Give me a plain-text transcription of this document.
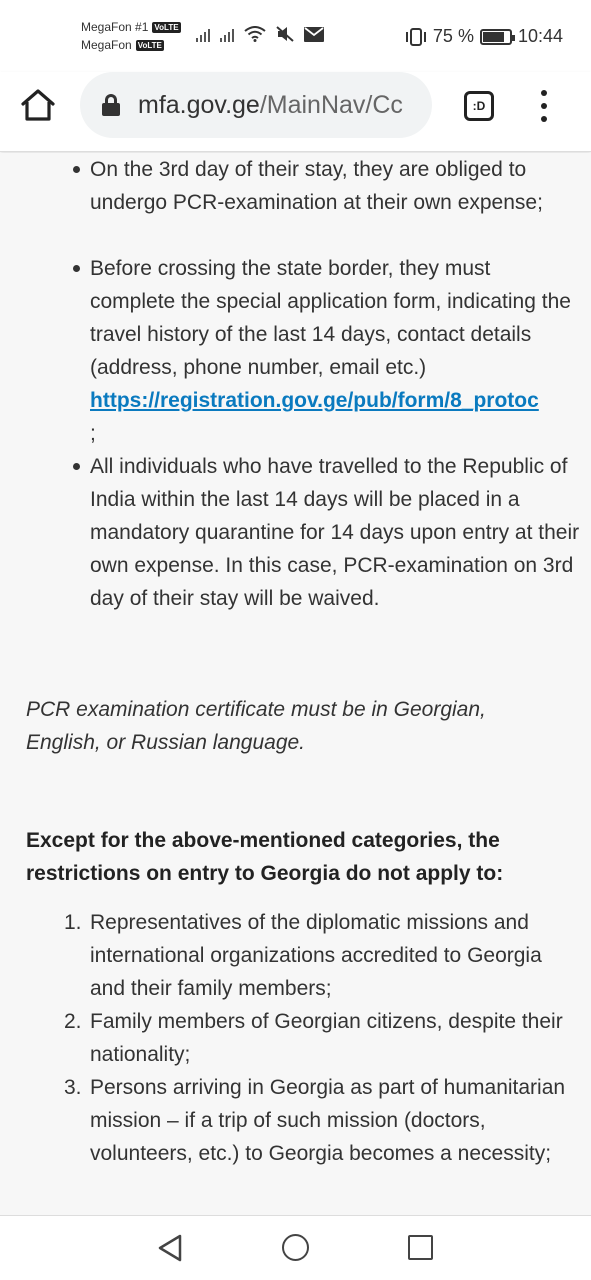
MegaFon #1 VoLTE
MegaFon VoLTE	75 % 10:44
mfa.gov.ge/MainNav/Cc	:D
On the 3rd day of their stay, they are obliged to undergo PCR-examination at their own expense;
Before crossing the state border, they must complete the special application form, indicating the travel history of the last 14 days, contact details (address, phone number, email etc.) https://registration.gov.ge/pub/form/8_protoc
;
All individuals who have travelled to the Republic of India within the last 14 days will be placed in a mandatory quarantine for 14 days upon entry at their own expense. In this case, PCR-examination on 3rd day of their stay will be waived.
PCR examination certificate must be in Georgian, English, or Russian language.
Except for the above-mentioned categories, the restrictions on entry to Georgia do not apply to:
1. Representatives of the diplomatic missions and international organizations accredited to Georgia and their family members;
2. Family members of Georgian citizens, despite their nationality;
3. Persons arriving in Georgia as part of humanitarian mission – if a trip of such mission (doctors, volunteers, etc.) to Georgia becomes a necessity;
